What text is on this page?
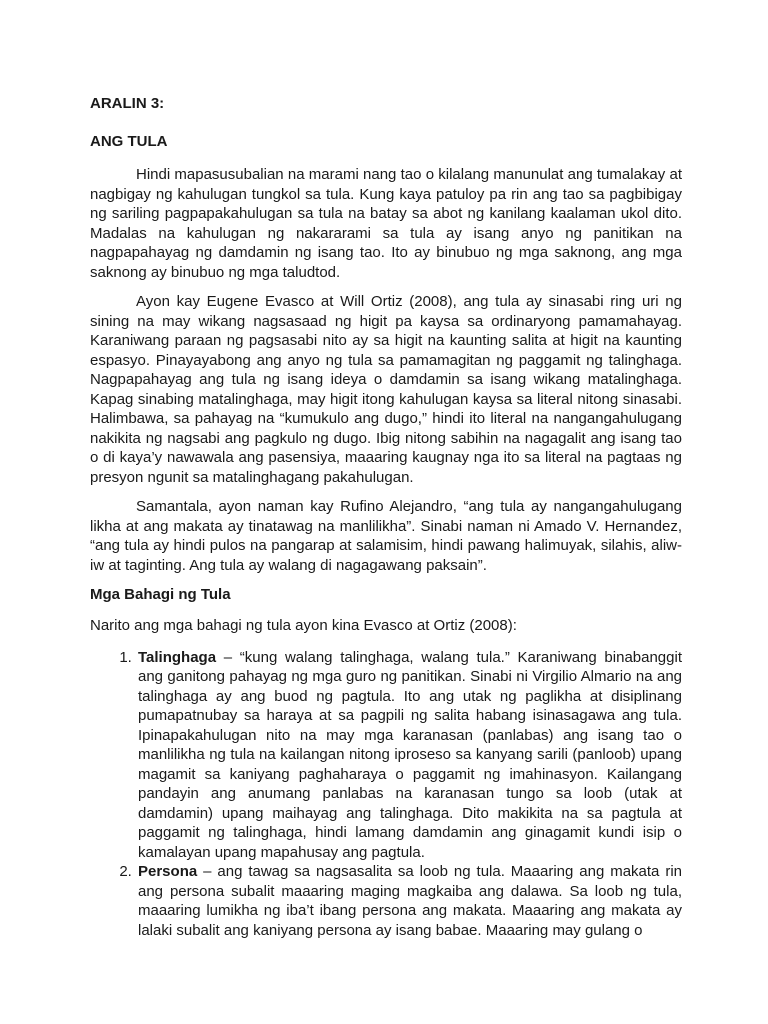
ARALIN 3:
ANG TULA

Hindi mapasusubalian na marami nang tao o kilalang manunulat ang tumalakay at nagbigay ng kahulugan tungkol sa tula. Kung kaya patuloy pa rin ang tao sa pagbibigay ng sariling pagpapakahulugan sa tula na batay sa abot ng kanilang kaalaman ukol dito. Madalas na kahulugan ng nakararami sa tula ay isang anyo ng panitikan na nagpapahayag ng damdamin ng isang tao. Ito ay binubuo ng mga saknong, ang mga saknong ay binubuo ng mga taludtod.

Ayon kay Eugene Evasco at Will Ortiz (2008), ang tula ay sinasabi ring uri ng sining na may wikang nagsasaad ng higit pa kaysa sa ordinaryong pamamahayag. Karaniwang paraan ng pagsasabi nito ay sa higit na kaunting salita at higit na kaunting espasyo. Pinayayabong ang anyo ng tula sa pamamagitan ng paggamit ng talinghaga. Nagpapahayag ang tula ng isang ideya o damdamin sa isang wikang matalinghaga. Kapag sinabing matalinghaga, may higit itong kahulugan kaysa sa literal nitong sinasabi. Halimbawa, sa pahayag na “kumukulo ang dugo,” hindi ito literal na nangangahulugang nakikita ng nagsabi ang pagkulo ng dugo. Ibig nitong sabihin na nagagalit ang isang tao o di kaya’y nawawala ang pasensiya, maaaring kaugnay nga ito sa literal na pagtaas ng presyon ngunit sa matalinghagang pakahulugan.

Samantala, ayon naman kay Rufino Alejandro, “ang tula ay nangangahulugang likha at ang makata ay tinatawag na manlilikha”. Sinabi naman ni Amado V. Hernandez, “ang tula ay hindi pulos na pangarap at salamisim, hindi pawang halimuyak, silahis, aliw-iw at taginting. Ang tula ay walang di nagagawang paksain”.

Mga Bahagi ng Tula

Narito ang mga bahagi ng tula ayon kina Evasco at Ortiz (2008):

1. Talinghaga – “kung walang talinghaga, walang tula.” Karaniwang binabanggit ang ganitong pahayag ng mga guro ng panitikan. Sinabi ni Virgilio Almario na ang talinghaga ay ang buod ng pagtula. Ito ang utak ng paglikha at disiplinang pumapatnubay sa haraya at sa pagpili ng salita habang isinasagawa ang tula. Ipinapakahulugan nito na may mga karanasan (panlabas) ang isang tao o manlilikha ng tula na kailangan nitong iproseso sa kanyang sarili (panloob) upang magamit sa kaniyang paghaharaya o paggamit ng imahinasyon. Kailangang pandayin ang anumang panlabas na karanasan tungo sa loob (utak at damdamin) upang maihayag ang talinghaga. Dito makikita na sa pagtula at paggamit ng talinghaga, hindi lamang damdamin ang ginagamit kundi isip o kamalayan upang mapahusay ang pagtula.
2. Persona – ang tawag sa nagsasalita sa loob ng tula. Maaaring ang makata rin ang persona subalit maaaring maging magkaiba ang dalawa. Sa loob ng tula, maaaring lumikha ng iba’t ibang persona ang makata. Maaaring ang makata ay lalaki subalit ang kaniyang persona ay isang babae. Maaaring may gulang o
